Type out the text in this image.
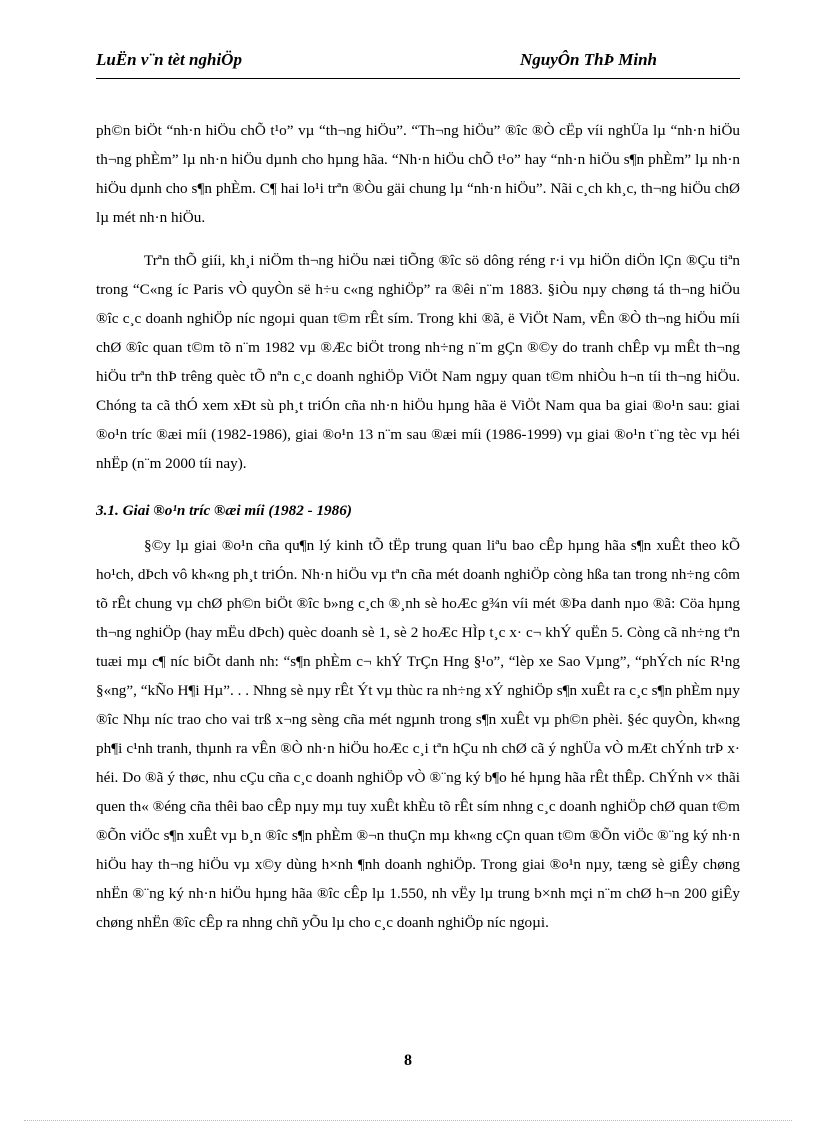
LuËn v¨n tèt nghiÖp	NguyÔn ThÞ Minh

ph©n biÖt “nh·n hiÖu chÕ t¹o” vµ “th¬ng hiÖu”. “Th¬ng hiÖu” ®îc ®Ò cËp víi nghÜa lµ “nh·n hiÖu th¬ng phÈm” lµ nh·n hiÖu dµnh cho hµng hãa. “Nh·n hiÖu chÕ t¹o” hay “nh·n hiÖu s¶n phÈm” lµ nh·n hiÖu dµnh cho s¶n phÈm. C¶ hai lo¹i trªn ®Òu gäi chung lµ “nh·n hiÖu”. Nãi c¸ch kh¸c, th¬ng hiÖu chØ lµ mét nh·n hiÖu.

Trªn thÕ giíi, kh¸i niÖm th¬ng hiÖu næi tiÕng ®îc sö dông réng r·i vµ hiÖn diÖn lÇn ®Çu tiªn trong “C«ng íc Paris vÒ quyÒn së h÷u c«ng nghiÖp” ra ®êi n¨m 1883. §iÒu nµy chøng tá th¬ng hiÖu ®îc c¸c doanh nghiÖp níc ngoµi quan t©m rÊt sím. Trong khi ®ã, ë ViÖt Nam, vÊn ®Ò th¬ng hiÖu míi chØ ®îc quan t©m tõ n¨m 1982 vµ ®Æc biÖt trong nh÷ng n¨m gÇn ®©y do tranh chÊp vµ mÊt th¬ng hiÖu trªn thÞ trêng quèc tÕ nªn c¸c doanh nghiÖp ViÖt Nam ngµy quan t©m nhiÒu h¬n tíi th¬ng hiÖu. Chóng ta cã thÓ xem xÐt sù ph¸t triÓn cña nh·n hiÖu hµng hãa ë ViÖt Nam qua ba giai ®o¹n sau: giai ®o¹n tríc ®æi míi (1982-1986), giai ®o¹n 13 n¨m sau ®æi míi (1986-1999) vµ giai ®o¹n t¨ng tèc vµ héi nhËp (n¨m 2000 tíi nay).

3.1. Giai ®o¹n tríc ®æi míi (1982 - 1986)

§©y lµ giai ®o¹n cña qu¶n lý kinh tÕ tËp trung quan liªu bao cÊp hµng hãa s¶n xuÊt theo kÕ ho¹ch, dÞch vô kh«ng ph¸t triÓn. Nh·n hiÖu vµ tªn cña mét doanh nghiÖp còng hßa tan trong nh÷ng côm tõ rÊt chung vµ chØ ph©n biÖt ®îc b»ng c¸ch ®¸nh sè hoÆc g¾n víi mét ®Þa danh nµo ®ã: Cöa hµng th¬ng nghiÖp (hay mËu dÞch) quèc doanh sè 1, sè 2 hoÆc HÌp t¸c x· c¬ khÝ quËn 5. Còng cã nh÷ng tªn tuæi mµ c¶ níc biÕt danh nh: “s¶n phÈm c¬ khÝ TrÇn Hng §¹o”, “lèp xe Sao Vµng”, “phÝch níc R¹ng §«ng”, “kÑo H¶i Hµ”. . . Nhng sè nµy rÊt Ýt vµ thùc ra nh÷ng xÝ nghiÖp s¶n xuÊt ra c¸c s¶n phÈm nµy ®îc Nhµ níc trao cho vai trß x¬ng sèng cña mét ngµnh trong s¶n xuÊt vµ ph©n phèi. §éc quyÒn, kh«ng ph¶i c¹nh tranh, thµnh ra vÊn ®Ò nh·n hiÖu hoÆc c¸i tªn hÇu nh chØ cã ý nghÜa vÒ mÆt chÝnh trÞ x· héi. Do ®ã ý thøc, nhu cÇu cña c¸c doanh nghiÖp vÒ ®¨ng ký b¶o hé hµng hãa rÊt thÊp. ChÝnh v× thãi quen th« ®éng cña thêi bao cÊp nµy mµ tuy xuÊt khÈu tõ rÊt sím nhng c¸c doanh nghiÖp chØ quan t©m ®Õn viÖc s¶n xuÊt vµ b¸n ®îc s¶n phÈm ®¬n thuÇn mµ kh«ng cÇn quan t©m ®Õn viÖc ®¨ng ký nh·n hiÖu hay th¬ng hiÖu vµ x©y dùng h×nh ¶nh doanh nghiÖp. Trong giai ®o¹n nµy, tæng sè giÊy chøng nhËn ®¨ng ký nh·n hiÖu hµng hãa ®îc cÊp lµ 1.550, nh vËy lµ trung b×nh mçi n¨m chØ h¬n 200 giÊy chøng nhËn ®îc cÊp ra nhng chñ yÕu lµ cho c¸c doanh nghiÖp níc ngoµi.

8
